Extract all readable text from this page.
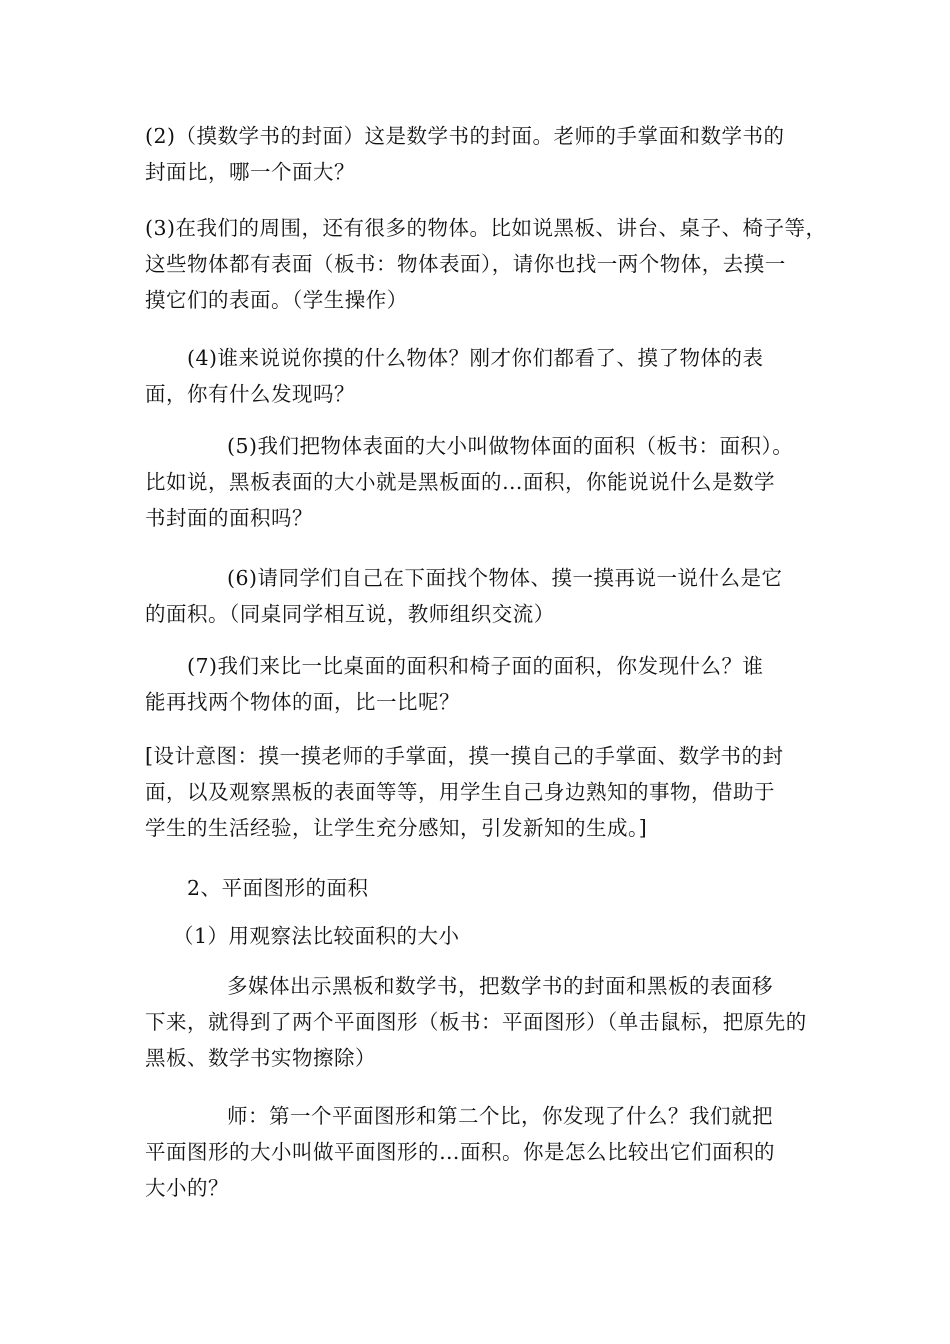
(2)（摸数学书的封面）这是数学书的封面。老师的手掌面和数学书的
封面比，哪一个面大？
(3)在我们的周围，还有很多的物体。比如说黑板、讲台、桌子、椅子等，
这些物体都有表面（板书：物体表面），请你也找一两个物体，去摸一
摸它们的表面。（学生操作）
(4)谁来说说你摸的什么物体？刚才你们都看了、摸了物体的表
面，你有什么发现吗？
(5)我们把物体表面的大小叫做物体面的面积（板书：面积）。
比如说，黑板表面的大小就是黑板面的…面积，你能说说什么是数学
书封面的面积吗？
(6)请同学们自己在下面找个物体、摸一摸再说一说什么是它
的面积。（同桌同学相互说，教师组织交流）
(7)我们来比一比桌面的面积和椅子面的面积，你发现什么？谁
能再找两个物体的面，比一比呢？
[设计意图：摸一摸老师的手掌面，摸一摸自己的手掌面、数学书的封
面，以及观察黑板的表面等等，用学生自己身边熟知的事物，借助于
学生的生活经验，让学生充分感知，引发新知的生成。]
2、平面图形的面积
（1）用观察法比较面积的大小
多媒体出示黑板和数学书，把数学书的封面和黑板的表面移
下来，就得到了两个平面图形（板书：平面图形）（单击鼠标，把原先的
黑板、数学书实物擦除）
师：第一个平面图形和第二个比，你发现了什么？我们就把
平面图形的大小叫做平面图形的…面积。你是怎么比较出它们面积的
大小的？
